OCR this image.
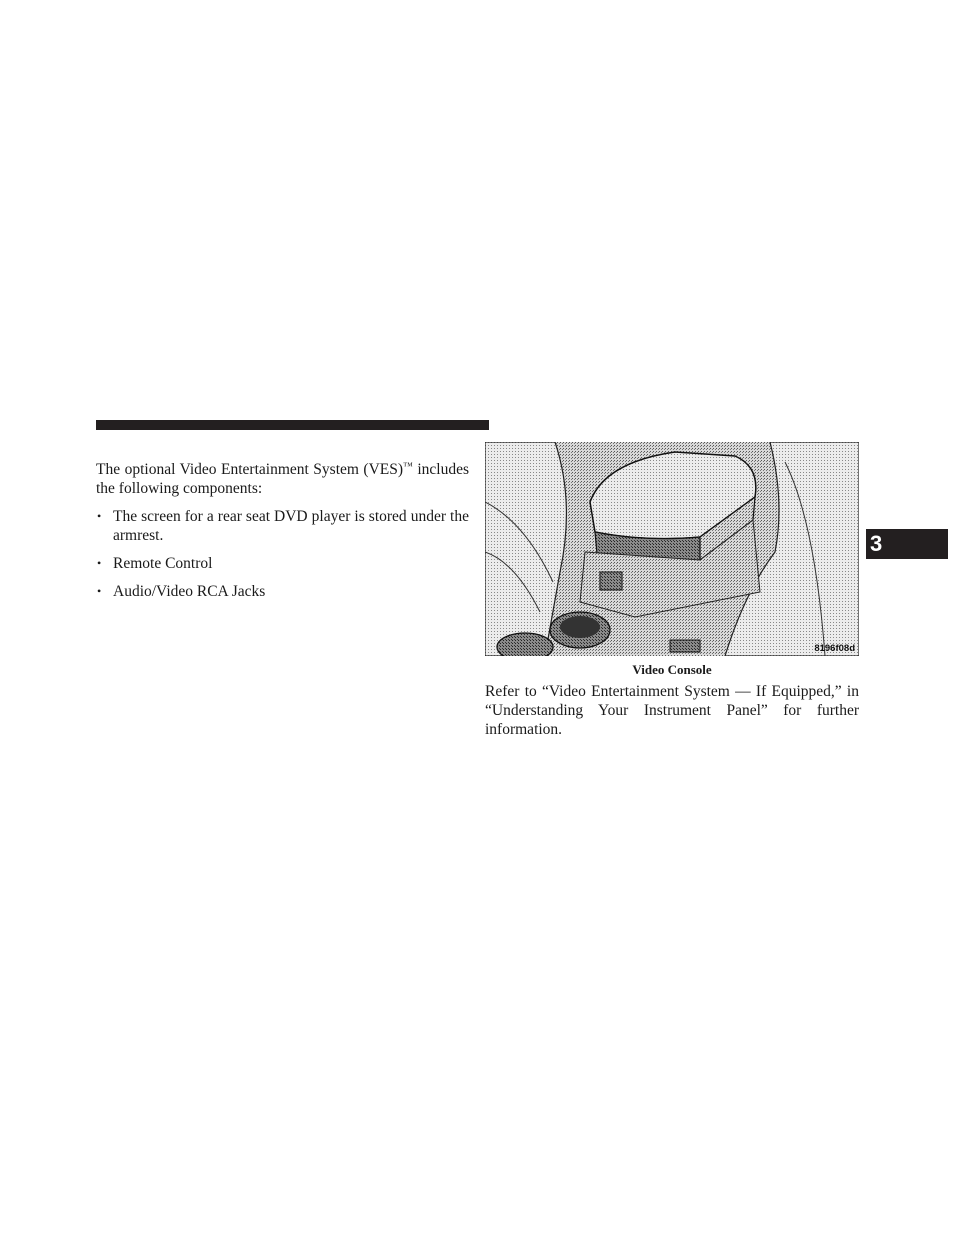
The optional Video Entertainment System (VES)™ includes the following components:

• The screen for a rear seat DVD player is stored under the armrest.
• Remote Control
• Audio/Video RCA Jacks
8196f08d
Video Console

Refer to “Video Entertainment System — If Equipped,” in “Understanding Your Instrument Panel” for further information.

3
